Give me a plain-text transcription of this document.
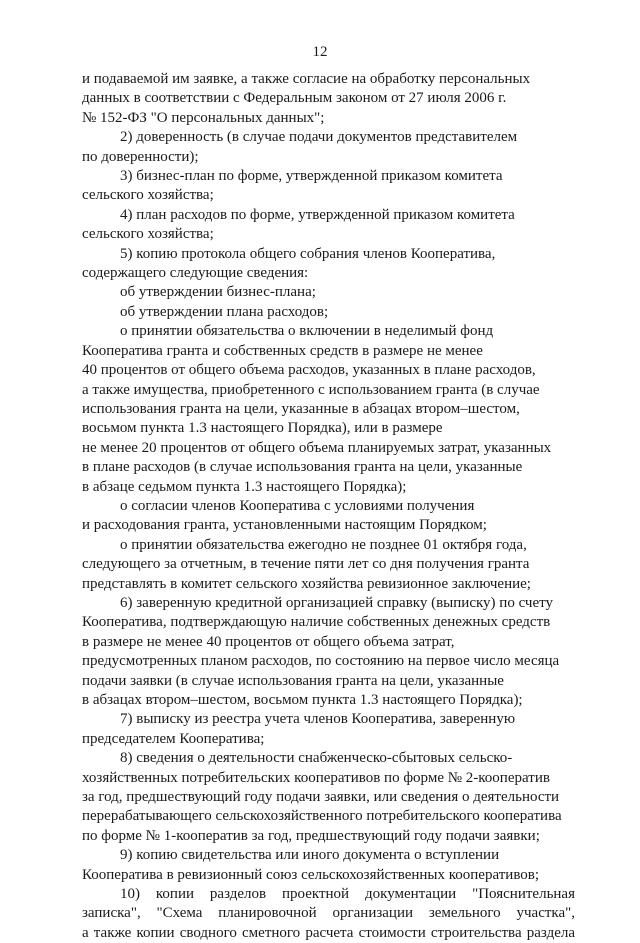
12

и подаваемой им заявке, а также согласие на обработку персональных
данных в соответствии с Федеральным законом от 27 июля 2006 г.
№ 152-ФЗ "О персональных данных";

2) доверенность (в случае подачи документов представителем
по доверенности);

3) бизнес-план по форме, утвержденной приказом комитета
сельского хозяйства;

4) план расходов по форме, утвержденной приказом комитета
сельского хозяйства;

5) копию протокола общего собрания членов Кооператива,
содержащего следующие сведения:

об утверждении бизнес-плана;

об утверждении плана расходов;

о принятии обязательства о включении в неделимый фонд
Кооператива гранта и собственных средств в размере не менее
40 процентов от общего объема расходов, указанных в плане расходов,
а также имущества, приобретенного с использованием гранта (в случае
использования гранта на цели, указанные в абзацах втором–шестом,
восьмом пункта 1.3 настоящего Порядка), или в размере
не менее 20 процентов от общего объема планируемых затрат, указанных
в плане расходов (в случае использования гранта на цели, указанные
в абзаце седьмом пункта 1.3 настоящего Порядка);

о согласии членов Кооператива с условиями получения
и расходования гранта, установленными настоящим Порядком;

о принятии обязательства ежегодно не позднее 01 октября года,
следующего за отчетным, в течение пяти лет со дня получения гранта
представлять в комитет сельского хозяйства ревизионное заключение;

6) заверенную кредитной организацией справку (выписку) по счету
Кооператива, подтверждающую наличие собственных денежных средств
в размере не менее 40 процентов от общего объема затрат,
предусмотренных планом расходов, по состоянию на первое число месяца
подачи заявки (в случае использования гранта на цели, указанные
в абзацах втором–шестом, восьмом пункта 1.3 настоящего Порядка);

7) выписку из реестра учета членов Кооператива, заверенную
председателем Кооператива;

8) сведения о деятельности снабженческо-сбытовых сельско-
хозяйственных потребительских кооперативов по форме № 2-кооператив
за год, предшествующий году подачи заявки, или сведения о деятельности
перерабатывающего сельскохозяйственного потребительского кооператива
по форме № 1-кооператив за год, предшествующий году подачи заявки;

9) копию свидетельства или иного документа о вступлении
Кооператива в ревизионный союз сельскохозяйственных кооперативов;

10) копии разделов проектной документации "Пояснительная
записка", "Схема планировочной организации земельного участка",
а также копии сводного сметного расчета стоимости строительства раздела
